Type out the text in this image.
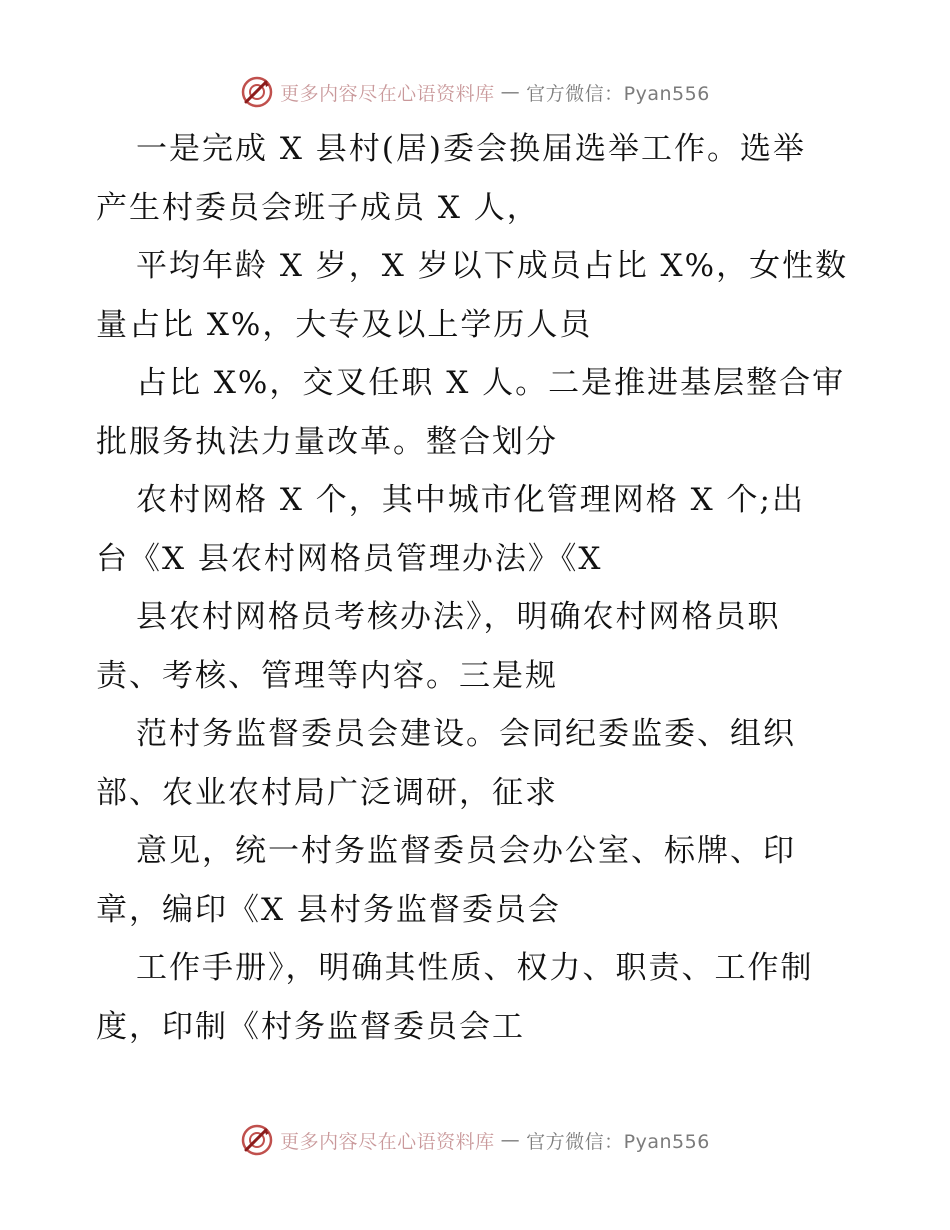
更多内容尽在心语资料库 — 官方微信：Pyan556
一是完成 X 县村(居)委会换届选举工作。选举
产生村委员会班子成员 X 人，
平均年龄 X 岁，X 岁以下成员占比 X%，女性数
量占比 X%，大专及以上学历人员
占比 X%，交叉任职 X 人。二是推进基层整合审
批服务执法力量改革。整合划分
农村网格 X 个，其中城市化管理网格 X 个;出
台《X 县农村网格员管理办法》《X
县农村网格员考核办法》，明确农村网格员职
责、考核、管理等内容。三是规
范村务监督委员会建设。会同纪委监委、组织
部、农业农村局广泛调研，征求
意见，统一村务监督委员会办公室、标牌、印
章，编印《X 县村务监督委员会
工作手册》，明确其性质、权力、职责、工作制
度，印制《村务监督委员会工
更多内容尽在心语资料库 — 官方微信：Pyan556
